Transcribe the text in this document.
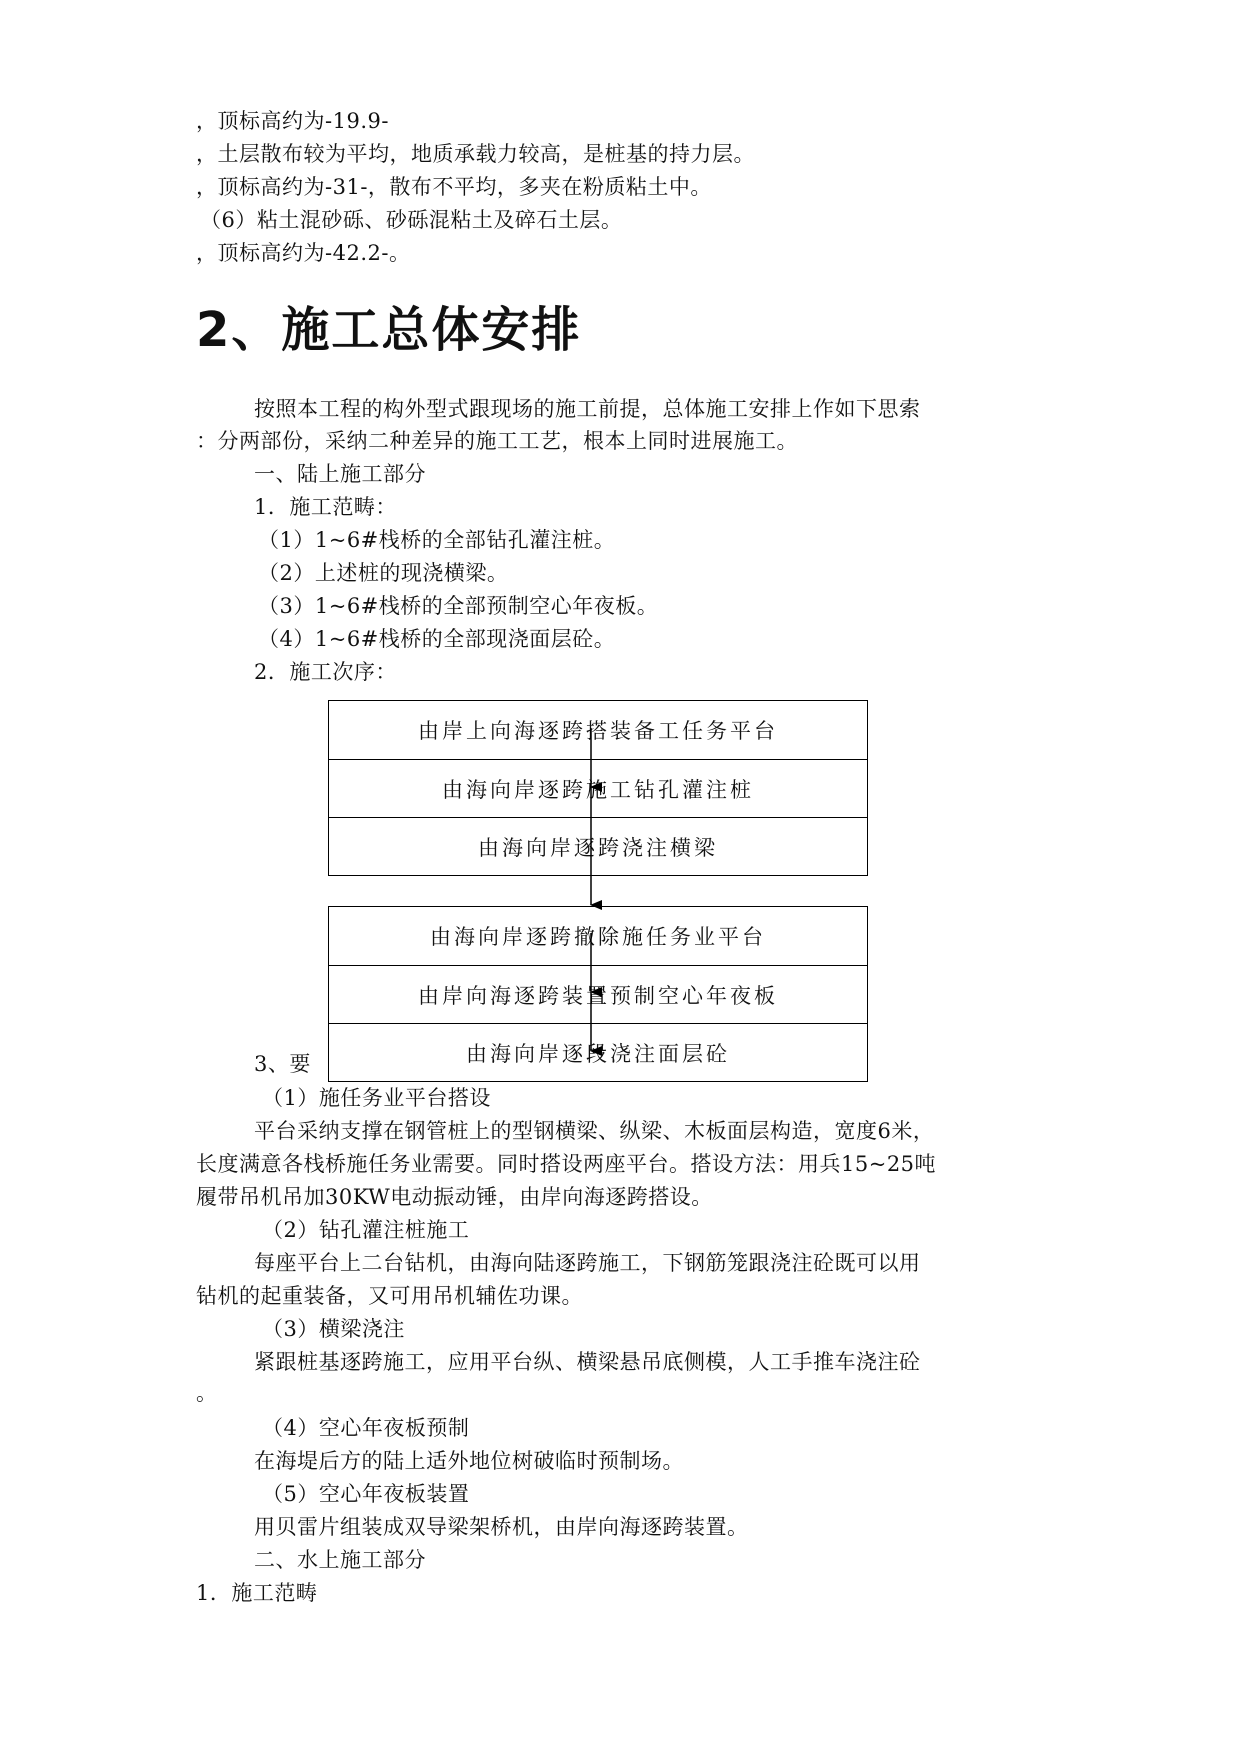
，顶标高约为-19.9-
，土层散布较为平均，地质承载力较高，是桩基的持力层。
，顶标高约为-31-，散布不平均，多夹在粉质粘土中。
（6）粘土混砂砾、砂砾混粘土及碎石土层。
，顶标高约为-42.2-。
2、施工总体安排
按照本工程的构外型式跟现场的施工前提，总体施工安排上作如下思索
：分两部份，采纳二种差异的施工工艺，根本上同时进展施工。
一、陆上施工部分
1．施工范畴：
（1）1~6#栈桥的全部钻孔灌注桩。
（2）上述桩的现浇横梁。
（3）1~6#栈桥的全部预制空心年夜板。
（4）1~6#栈桥的全部现浇面层砼。
2．施工次序：
3、要
（1）施任务业平台搭设
平台采纳支撑在钢管桩上的型钢横梁、纵梁、木板面层构造，宽度6米，
长度满意各栈桥施任务业需要。同时搭设两座平台。搭设方法：用兵15~25吨
履带吊机吊加30KW电动振动锤，由岸向海逐跨搭设。
（2）钻孔灌注桩施工
每座平台上二台钻机，由海向陆逐跨施工，下钢筋笼跟浇注砼既可以用
钻机的起重装备，又可用吊机辅佐功课。
（3）横梁浇注
紧跟桩基逐跨施工，应用平台纵、横梁悬吊底侧模，人工手推车浇注砼
。
（4）空心年夜板预制
在海堤后方的陆上适外地位树破临时预制场。
（5）空心年夜板装置
用贝雷片组装成双导梁架桥机，由岸向海逐跨装置。
二、水上施工部分
1．施工范畴
由岸上向海逐跨搭装备工任务平台
由海向岸逐跨施工钻孔灌注桩
由海向岸逐跨浇注横梁
由海向岸逐跨撤除施任务业平台
由岸向海逐跨装置预制空心年夜板
由海向岸逐段浇注面层砼
